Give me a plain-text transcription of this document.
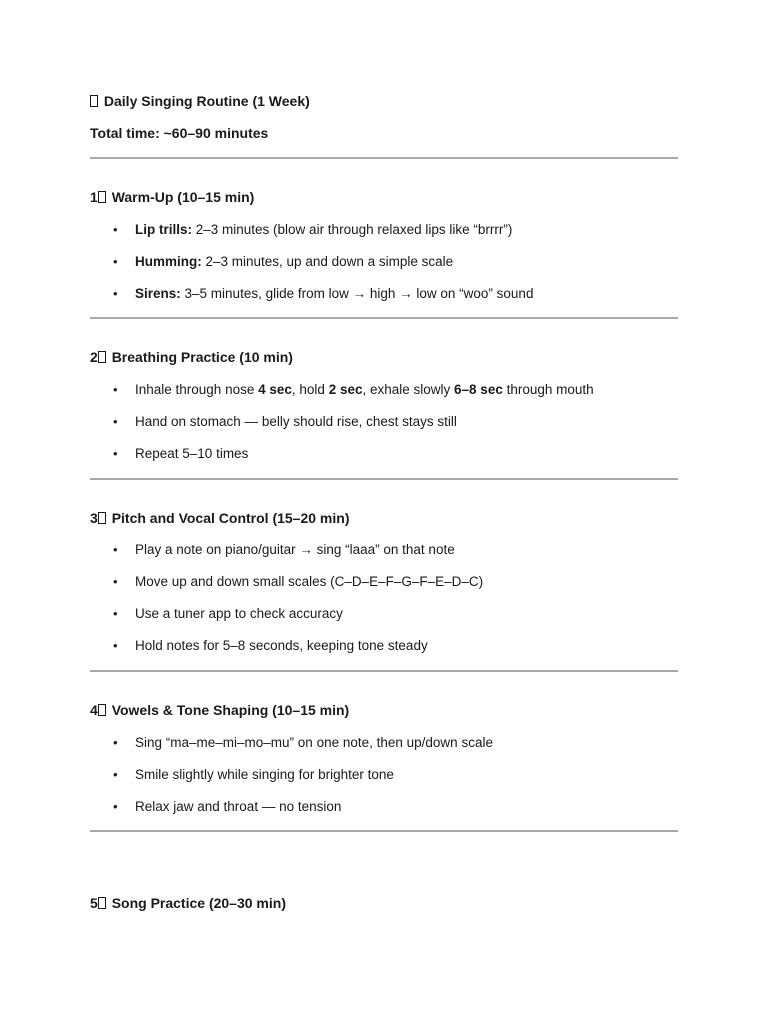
Daily Singing Routine (1 Week)
Total time: ~60–90 minutes
1 Warm-Up (10–15 min)
• Lip trills: 2–3 minutes (blow air through relaxed lips like “brrrr”)
• Humming: 2–3 minutes, up and down a simple scale
• Sirens: 3–5 minutes, glide from low → high → low on “woo” sound
2 Breathing Practice (10 min)
• Inhale through nose 4 sec, hold 2 sec, exhale slowly 6–8 sec through mouth
• Hand on stomach — belly should rise, chest stays still
• Repeat 5–10 times
3 Pitch and Vocal Control (15–20 min)
• Play a note on piano/guitar → sing “laaa” on that note
• Move up and down small scales (C–D–E–F–G–F–E–D–C)
• Use a tuner app to check accuracy
• Hold notes for 5–8 seconds, keeping tone steady
4 Vowels & Tone Shaping (10–15 min)
• Sing “ma–me–mi–mo–mu” on one note, then up/down scale
• Smile slightly while singing for brighter tone
• Relax jaw and throat — no tension
5 Song Practice (20–30 min)
